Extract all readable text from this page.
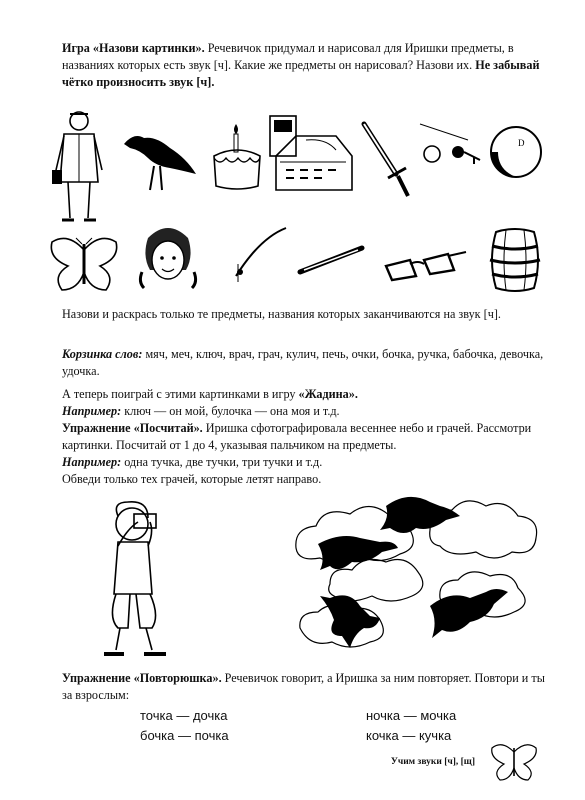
Игра «Назови картинки». Речевичок придумал и нарисовал для Иришки предметы, в названиях которых есть звук [ч]. Какие же предметы он нарисовал? Назови их. Не забывай чётко произносить звук [ч].

D

Назови и раскрась только те предметы, названия которых заканчиваются на звук [ч].

Корзинка слов: мяч, меч, ключ, врач, грач, кулич, печь, очки, бочка, ручка, бабочка, девочка, удочка.

А теперь поиграй с этими картинками в игру «Жадина».
Например: ключ — он мой, булочка — она моя и т.д.

Упражнение «Посчитай». Иришка сфотографировала весеннее небо и грачей. Рассмотри картинки. Посчитай от 1 до 4, указывая пальчиком на предметы.
Например: одна тучка, две тучки, три тучки и т.д.
Обведи только тех грачей, которые летят направо.

Упражнение «Повторюшка». Речевичок говорит, а Иришка за ним повторяет. Повтори и ты за взрослым:

точка — дочка
бочка — почка
ночка — мочка
кочка — кучка
Учим звуки [ч], [щ]
